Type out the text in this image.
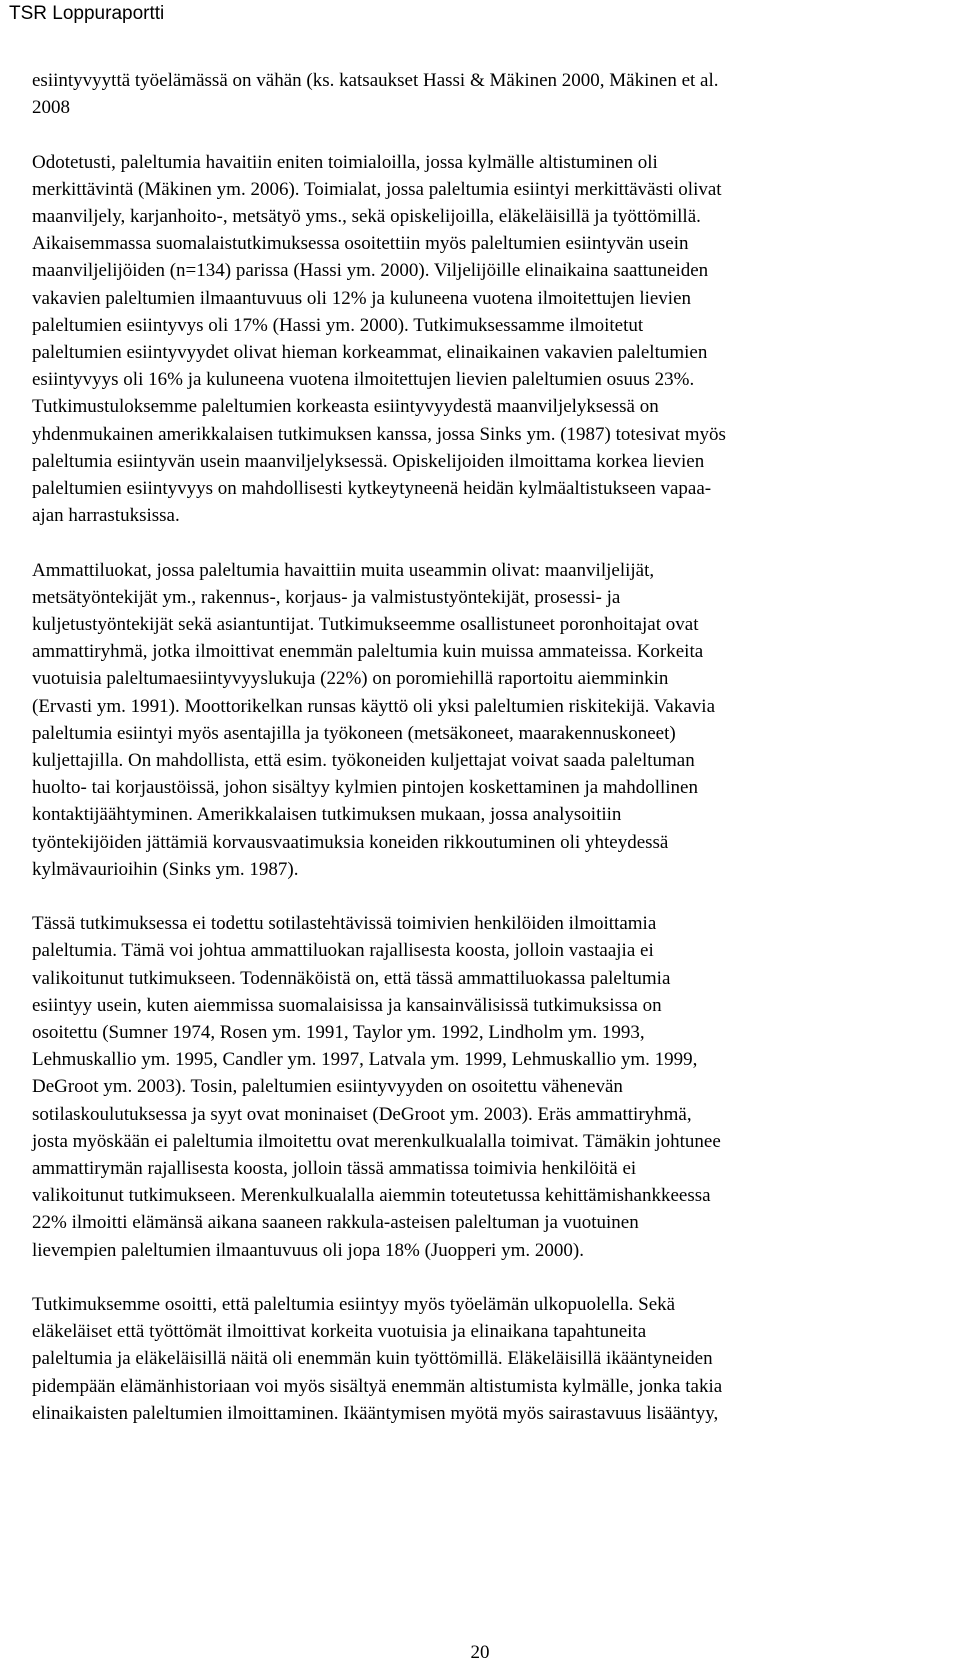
TSR Loppuraportti
esiintyvyyttä työelämässä on vähän (ks. katsaukset Hassi & Mäkinen 2000, Mäkinen et al.
2008
Odotetusti, paleltumia havaitiin eniten toimialoilla, jossa kylmälle altistuminen oli
merkittävintä (Mäkinen ym. 2006). Toimialat, jossa paleltumia esiintyi merkittävästi olivat
maanviljely, karjanhoito-, metsätyö yms., sekä opiskelijoilla, eläkeläisillä ja työttömillä.
Aikaisemmassa suomalaistutkimuksessa osoitettiin myös paleltumien esiintyvän usein
maanviljelijöiden (n=134) parissa (Hassi ym. 2000). Viljelijöille elinaikaina saattuneiden
vakavien paleltumien ilmaantuvuus oli 12% ja kuluneena vuotena ilmoitettujen lievien
paleltumien esiintyvys oli 17% (Hassi ym. 2000). Tutkimuksessamme ilmoitetut
paleltumien esiintyvyydet olivat hieman korkeammat, elinaikainen vakavien paleltumien
esiintyvyys oli 16% ja kuluneena vuotena ilmoitettujen lievien paleltumien osuus 23%.
Tutkimustuloksemme paleltumien korkeasta esiintyvyydestä maanviljelyksessä on
yhdenmukainen amerikkalaisen tutkimuksen kanssa, jossa Sinks ym. (1987) totesivat myös
paleltumia esiintyvän usein maanviljelyksessä. Opiskelijoiden ilmoittama korkea lievien
paleltumien esiintyvyys on mahdollisesti kytkeytyneenä heidän kylmäaltistukseen vapaa-
ajan harrastuksissa.
Ammattiluokat, jossa paleltumia havaittiin muita useammin olivat: maanviljelijät,
metsätyöntekijät ym., rakennus-, korjaus- ja valmistustyöntekijät, prosessi- ja
kuljetustyöntekijät sekä asiantuntijat. Tutkimukseemme osallistuneet poronhoitajat ovat
ammattiryhmä, jotka ilmoittivat enemmän paleltumia kuin muissa ammateissa. Korkeita
vuotuisia paleltumaesiintyvyyslukuja (22%) on poromiehillä raportoitu aiemminkin
(Ervasti ym. 1991). Moottorikelkan runsas käyttö oli yksi paleltumien riskitekijä. Vakavia
paleltumia esiintyi myös asentajilla ja työkoneen (metsäkoneet, maarakennuskoneet)
kuljettajilla. On mahdollista, että esim. työkoneiden kuljettajat voivat saada paleltuman
huolto- tai korjaustöissä, johon sisältyy kylmien pintojen koskettaminen ja mahdollinen
kontaktijäähtyminen. Amerikkalaisen tutkimuksen mukaan, jossa analysoitiin
työntekijöiden jättämiä korvausvaatimuksia koneiden rikkoutuminen oli yhteydessä
kylmävaurioihin (Sinks ym. 1987).
Tässä tutkimuksessa ei todettu sotilastehtävissä toimivien henkilöiden ilmoittamia
paleltumia. Tämä voi johtua ammattiluokan rajallisesta koosta, jolloin vastaajia ei
valikoitunut tutkimukseen. Todennäköistä on, että tässä ammattiluokassa paleltumia
esiintyy usein, kuten aiemmissa suomalaisissa ja kansainvälisissä tutkimuksissa on
osoitettu (Sumner 1974, Rosen ym. 1991, Taylor ym. 1992, Lindholm ym. 1993,
Lehmuskallio ym. 1995, Candler ym. 1997, Latvala ym. 1999, Lehmuskallio ym. 1999,
DeGroot ym. 2003). Tosin, paleltumien esiintyvyyden on osoitettu vähenevän
sotilaskoulutuksessa ja syyt ovat moninaiset (DeGroot ym. 2003). Eräs ammattiryhmä,
josta myöskään ei paleltumia ilmoitettu ovat merenkulkualalla toimivat. Tämäkin johtunee
ammattirymän rajallisesta koosta, jolloin tässä ammatissa toimivia henkilöitä ei
valikoitunut tutkimukseen. Merenkulkualalla aiemmin toteutetussa kehittämishankkeessa
22% ilmoitti elämänsä aikana saaneen rakkula-asteisen paleltuman ja vuotuinen
lievempien paleltumien ilmaantuvuus oli jopa 18% (Juopperi ym. 2000).
Tutkimuksemme osoitti, että paleltumia esiintyy myös työelämän ulkopuolella. Sekä
eläkeläiset että työttömät ilmoittivat korkeita vuotuisia ja elinaikana tapahtuneita
paleltumia ja eläkeläisillä näitä oli enemmän kuin työttömillä. Eläkeläisillä ikääntyneiden
pidempään elämänhistoriaan voi myös sisältyä enemmän altistumista kylmälle, jonka takia
elinaikaisten paleltumien ilmoittaminen. Ikääntymisen myötä myös sairastavuus lisääntyy,
20
